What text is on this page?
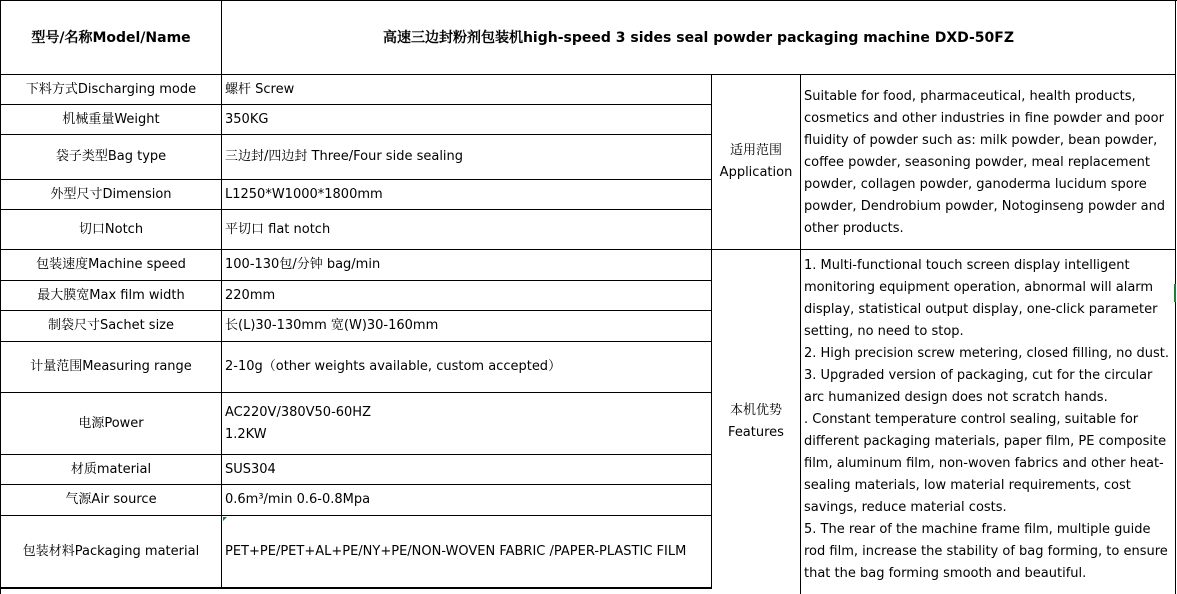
型号/名称Model/Name	高速三边封粉剂包装机high-speed 3 sides seal powder packaging machine DXD-50FZ
下料方式Discharging mode
机械重量Weight
袋子类型Bag type
外型尺寸Dimension
切口Notch
包装速度Machine speed
最大膜宽Max film width
制袋尺寸Sachet size
计量范围Measuring range
电源Power
材质material
气源Air source
包装材料Packaging material
螺杆 Screw
350KG
三边封/四边封 Three/Four side sealing
L1250*W1000*1800mm
平切口 flat notch
100-130包/分钟 bag/min
220mm
长(L)30-130mm 宽(W)30-160mm
2-10g（other weights available, custom accepted）
AC220V/380V50-60HZ
1.2KW
SUS304
0.6m³/min 0.6-0.8Mpa
PET+PE/PET+AL+PE/NY+PE/NON-WOVEN FABRIC /PAPER-PLASTIC FILM
适用范围
Application
Suitable for food, pharmaceutical, health products, cosmetics and other industries in fine powder and poor fluidity of powder such as: milk powder, bean powder, coffee powder, seasoning powder, meal replacement powder, collagen powder, ganoderma lucidum spore powder, Dendrobium powder, Notoginseng powder and other products.
本机优势
Features
1. Multi-functional touch screen display intelligent monitoring equipment operation, abnormal will alarm display, statistical output display, one-click parameter setting, no need to stop.
2. High precision screw metering, closed filling, no dust.
3. Upgraded version of packaging, cut for the circular arc humanized design does not scratch hands.
. Constant temperature control sealing, suitable for different packaging materials, paper film, PE composite film, aluminum film, non-woven fabrics and other heat-sealing materials, low material requirements, cost savings, reduce material costs.
5. The rear of the machine frame film, multiple guide rod film, increase the stability of bag forming, to ensure that the bag forming smooth and beautiful.
